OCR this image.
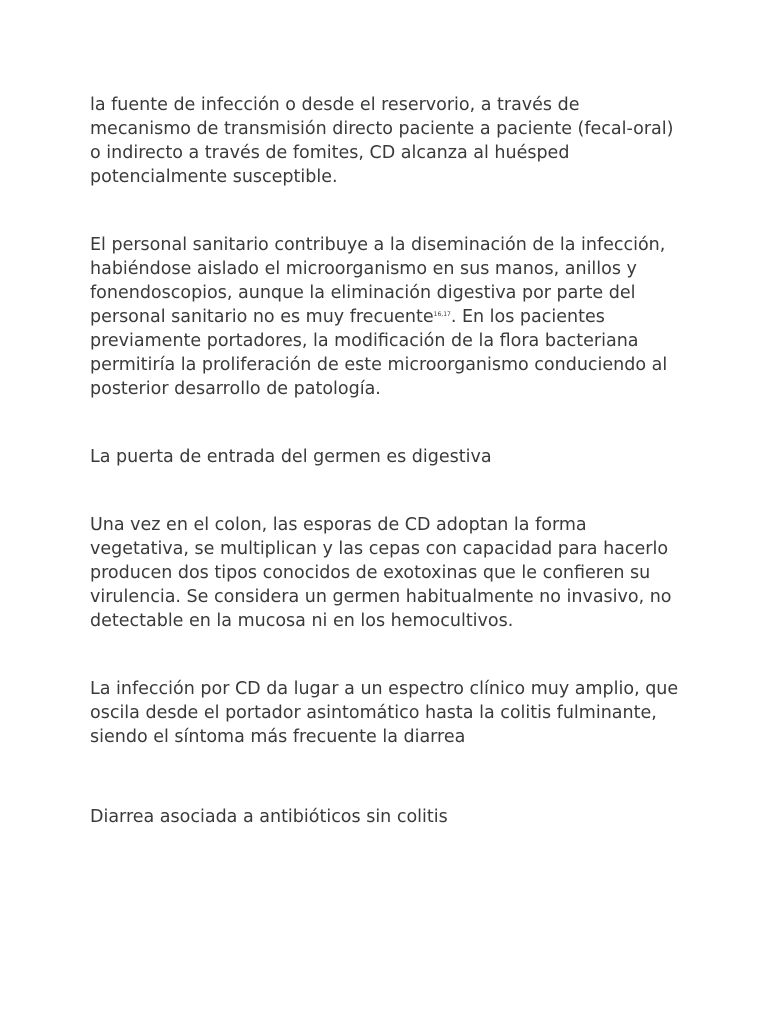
la fuente de infección o desde el reservorio, a través de mecanismo de transmisión directo paciente a paciente (fecal-oral) o indirecto a través de fomites, CD alcanza al huésped potencialmente susceptible.

El personal sanitario contribuye a la diseminación de la infección, habiéndose aislado el microorganismo en sus manos, anillos y fonendoscopios, aunque la eliminación digestiva por parte del personal sanitario no es muy frecuente$^{16,17}$. En los pacientes previamente portadores, la modificación de la flora bacteriana permitiría la proliferación de este microorganismo conduciendo al posterior desarrollo de patología.

La puerta de entrada del germen es digestiva

Una vez en el colon, las esporas de CD adoptan la forma vegetativa, se multiplican y las cepas con capacidad para hacerlo producen dos tipos conocidos de exotoxinas que le confieren su virulencia. Se considera un germen habitualmente no invasivo, no detectable en la mucosa ni en los hemocultivos.

La infección por CD da lugar a un espectro clínico muy amplio, que oscila desde el portador asintomático hasta la colitis fulminante, siendo el síntoma más frecuente la diarrea

Diarrea asociada a antibióticos sin colitis
